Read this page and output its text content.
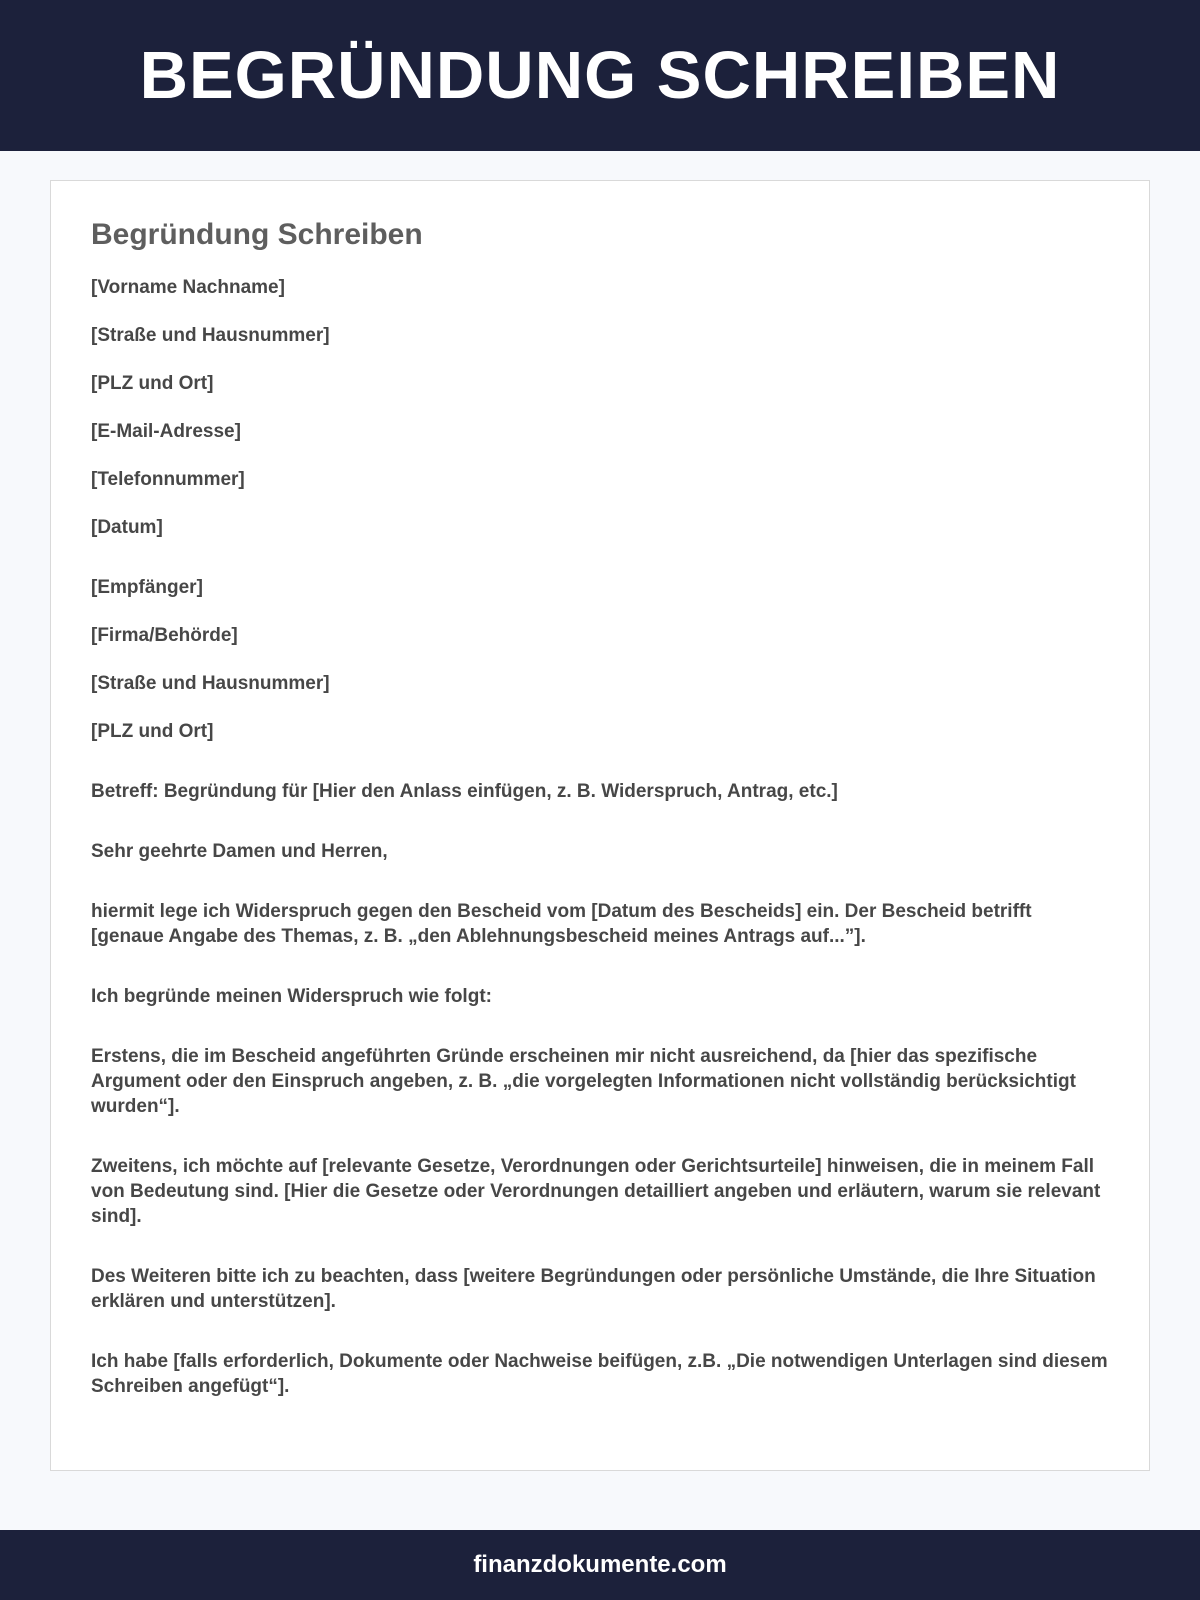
BEGRÜNDUNG SCHREIBEN
Begründung Schreiben
[Vorname Nachname]
[Straße und Hausnummer]
[PLZ und Ort]
[E-Mail-Adresse]
[Telefonnummer]
[Datum]
[Empfänger]
[Firma/Behörde]
[Straße und Hausnummer]
[PLZ und Ort]
Betreff: Begründung für [Hier den Anlass einfügen, z. B. Widerspruch, Antrag, etc.]
Sehr geehrte Damen und Herren,
hiermit lege ich Widerspruch gegen den Bescheid vom [Datum des Bescheids] ein. Der Bescheid betrifft [genaue Angabe des Themas, z. B. „den Ablehnungsbescheid meines Antrags auf...”].
Ich begründe meinen Widerspruch wie folgt:
Erstens, die im Bescheid angeführten Gründe erscheinen mir nicht ausreichend, da [hier das spezifische Argument oder den Einspruch angeben, z. B. „die vorgelegten Informationen nicht vollständig berücksichtigt wurden“].
Zweitens, ich möchte auf [relevante Gesetze, Verordnungen oder Gerichtsurteile] hinweisen, die in meinem Fall von Bedeutung sind. [Hier die Gesetze oder Verordnungen detailliert angeben und erläutern, warum sie relevant sind].
Des Weiteren bitte ich zu beachten, dass [weitere Begründungen oder persönliche Umstände, die Ihre Situation erklären und unterstützen].
Ich habe [falls erforderlich, Dokumente oder Nachweise beifügen, z.B. „Die notwendigen Unterlagen sind diesem Schreiben angefügt“].
finanzdokumente.com
